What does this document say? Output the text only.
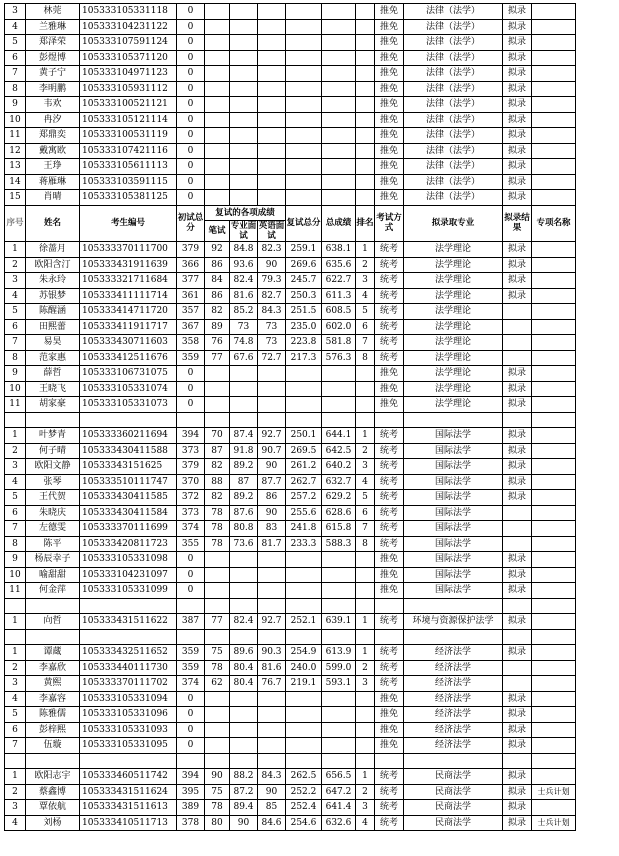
3	林莞	105333105331118	0							推免	法律（法学）	拟录	
4	兰雅琳	105333104231122	0							推免	法律（法学）	拟录	
5	郑泽荣	105333107591124	0							推免	法律（法学）	拟录	
6	彭煜博	105333105371120	0							推免	法律（法学）	拟录	
7	黄子宁	105333104971123	0							推免	法律（法学）	拟录	
8	李明鹏	105333105931112	0							推免	法律（法学）	拟录	
9	韦欢	105333100521121	0							推免	法律（法学）	拟录	
10	冉汐	105333105121114	0							推免	法律（法学）	拟录	
11	郑鼎奕	105333100531119	0							推免	法律（法学）	拟录	
12	戴寓欧	105333107421116	0							推免	法律（法学）	拟录	
13	王琤	105333105611113	0							推免	法律（法学）	拟录	
14	蒋雁琳	105333103591115	0							推免	法律（法学）	拟录	
15	肖晴	105333105381125	0							推免	法律（法学）	拟录	
序号	姓名	考生编号	初试总分	复试的各项成绩			复试总分	总成绩	排名	考试方式	拟录取专业	拟录结果	专项名称
				笔试	专业面试	英语面试							
1	徐蔷月	105333370111700	379	92	84.8	82.3	259.1	638.1	1	统考	法学理论	拟录	
2	欧阳含汀	105333431911639	366	86	93.6	90	269.6	635.6	2	统考	法学理论	拟录	
3	朱永玲	105333321711684	377	84	82.4	79.3	245.7	622.7	3	统考	法学理论	拟录	
4	苏银梦	105333411111714	361	86	81.6	82.7	250.3	611.3	4	统考	法学理论	拟录	
5	陈醒涵	105333414711720	357	82	85.2	84.3	251.5	608.5	5	统考	法学理论		
6	田熙蕾	105333411911717	367	89	73	73	235.0	602.0	6	统考	法学理论		
7	易昊	105333430711603	358	76	74.8	73	223.8	581.8	7	统考	法学理论		
8	范家惠	105333412511676	359	77	67.6	72.7	217.3	576.3	8	统考	法学理论		
9	薛哲	105333106731075	0							推免	法学理论	拟录	
10	王晓飞	105333105331074	0							推免	法学理论	拟录	
11	胡家豪	105333105331073	0							推免	法学理论	拟录	

1	叶梦青	105333360211694	394	70	87.4	92.7	250.1	644.1	1	统考	国际法学	拟录	
2	何子晴	105333430411588	373	87	91.8	90.7	269.5	642.5	2	统考	国际法学	拟录	
3	欧阳文静	10533343151625	379	82	89.2	90	261.2	640.2	3	统考	国际法学	拟录	
4	张琴	105333510111747	370	88	87	87.7	262.7	632.7	4	统考	国际法学	拟录	
5	王代贺	105333430411585	372	82	89.2	86	257.2	629.2	5	统考	国际法学	拟录	
6	朱晓庆	105333430411584	373	78	87.6	90	255.6	628.6	6	统考	国际法学		
7	左德雯	105333370111699	374	78	80.8	83	241.8	615.8	7	统考	国际法学		
8	陈平	105333420811723	355	78	73.6	81.7	233.3	588.3	8	统考	国际法学		
9	杨辰幸子	105333105331098	0							推免	国际法学	拟录	
10	喻甜甜	105333104231097	0							推免	国际法学	拟录	
11	何金萍	105333105331099	0							推免	国际法学	拟录	

1	向哲	105333431511622	387	77	82.4	92.7	252.1	639.1	1	统考	环境与资源保护法学	拟录	

1	谭蔵	105333432511652	359	75	89.6	90.3	254.9	613.9	1	统考	经济法学	拟录	
2	李嘉欣	105333440111730	359	78	80.4	81.6	240.0	599.0	2	统考	经济法学		
3	黄熙	105333370111702	374	62	80.4	76.7	219.1	593.1	3	统考	经济法学		
4	李嘉容	105333105331094	0							推免	经济法学	拟录	
5	陈雅儒	105333105331096	0							推免	经济法学	拟录	
6	彭梓熙	105333105331093	0							推免	经济法学	拟录	
7	伍璇	105333105331095	0							推免	经济法学	拟录	

1	欧阳志宇	105333460511742	394	90	88.2	84.3	262.5	656.5	1	统考	民商法学	拟录	
2	蔡鑫博	105333431511624	395	75	87.2	90	252.2	647.2	2	统考	民商法学	拟录	士兵计划
3	覃依航	105333431511613	389	78	89.4	85	252.4	641.4	3	统考	民商法学	拟录	
4	刘杨	105333410511713	378	80	90	84.6	254.6	632.6	4	统考	民商法学	拟录	士兵计划
